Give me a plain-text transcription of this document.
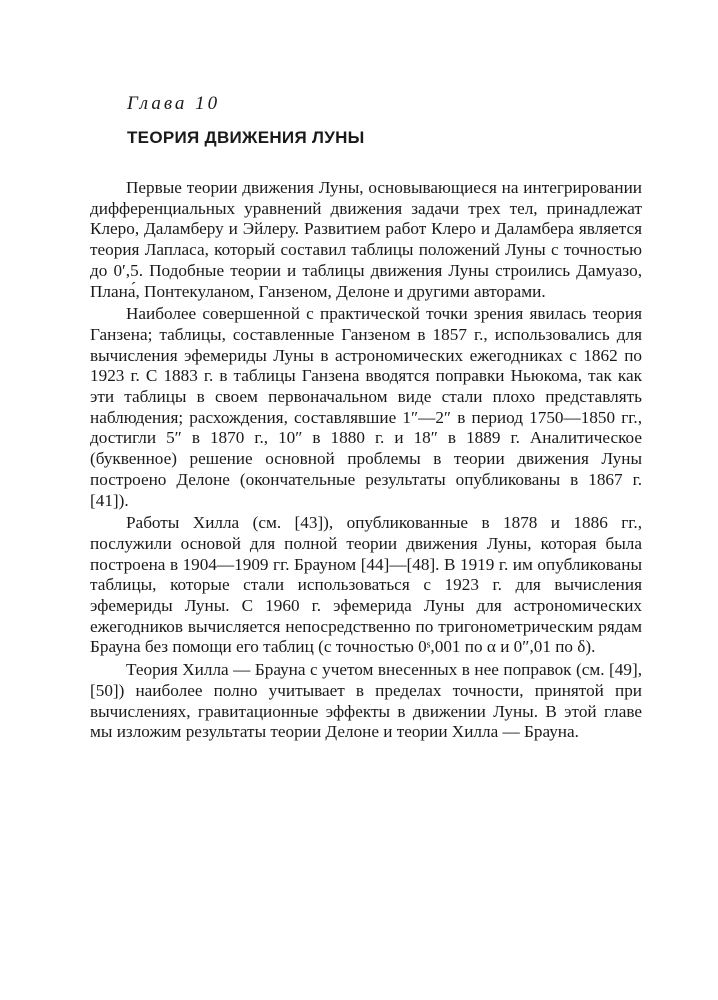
Глава 10
ТЕОРИЯ ДВИЖЕНИЯ ЛУНЫ

Первые теории движения Луны, основывающиеся на интегрировании дифференциальных уравнений движения задачи трех тел, принадлежат Клеро, Даламберу и Эйлеру. Развитием работ Клеро и Даламбера является теория Лапласа, который составил таблицы положений Луны с точностью до 0′,5. Подобные теории и таблицы движения Луны строились Дамуазо, Плана́, Понтекуланом, Ганзеном, Делоне и другими авторами.

Наиболее совершенной с практической точки зрения явилась теория Ганзена; таблицы, составленные Ганзеном в 1857 г., использовались для вычисления эфемериды Луны в астрономических ежегодниках с 1862 по 1923 г. С 1883 г. в таблицы Ганзена вводятся поправки Ньюкома, так как эти таблицы в своем первоначальном виде стали плохо представлять наблюдения; расхождения, составлявшие 1″—2″ в период 1750—1850 гг., достигли 5″ в 1870 г., 10″ в 1880 г. и 18″ в 1889 г. Аналитическое (буквенное) решение основной проблемы в теории движения Луны построено Делоне (окончательные результаты опубликованы в 1867 г. [41]).

Работы Хилла (см. [43]), опубликованные в 1878 и 1886 гг., послужили основой для полной теории движения Луны, которая была построена в 1904—1909 гг. Брауном [44]—[48]. В 1919 г. им опубликованы таблицы, которые стали использоваться с 1923 г. для вычисления эфемериды Луны. С 1960 г. эфемерида Луны для астрономических ежегодников вычисляется непосредственно по тригонометрическим рядам Брауна без помощи его таблиц (с точностью 0ˢ,001 по α и 0″,01 по δ).

Теория Хилла — Брауна с учетом внесенных в нее поправок (см. [49], [50]) наиболее полно учитывает в пределах точности, принятой при вычислениях, гравитационные эффекты в движении Луны. В этой главе мы изложим результаты теории Делоне и теории Хилла — Брауна.
